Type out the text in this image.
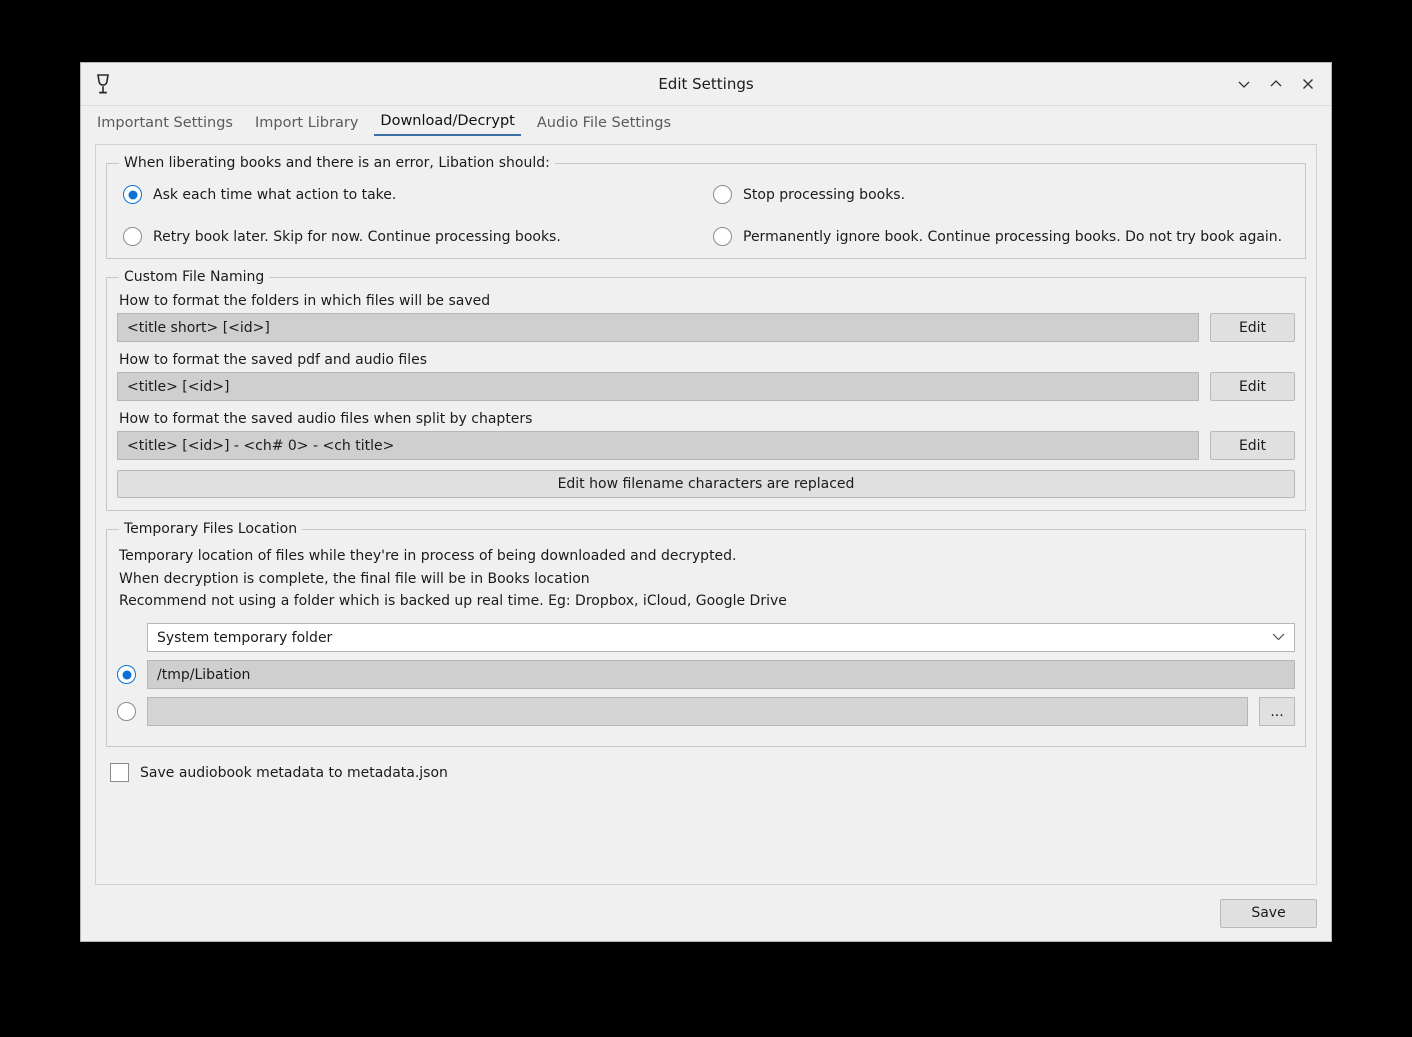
Edit Settings
Important Settings	Import Library	Download/Decrypt	Audio File Settings
When liberating books and there is an error, Libation should:
Ask each time what action to take.	Stop processing books.
Retry book later. Skip for now. Continue processing books.	Permanently ignore book. Continue processing books. Do not try book again.
Custom File Naming
How to format the folders in which files will be saved
<title short> [<id>]	Edit
How to format the saved pdf and audio files
<title> [<id>]	Edit
How to format the saved audio files when split by chapters
<title> [<id>] - <ch# 0> - <ch title>	Edit
Edit how filename characters are replaced
Temporary Files Location
Temporary location of files while they're in process of being downloaded and decrypted.
When decryption is complete, the final file will be in Books location
Recommend not using a folder which is backed up real time. Eg: Dropbox, iCloud, Google Drive
System temporary folder
/tmp/Libation
...
Save audiobook metadata to metadata.json
Save
